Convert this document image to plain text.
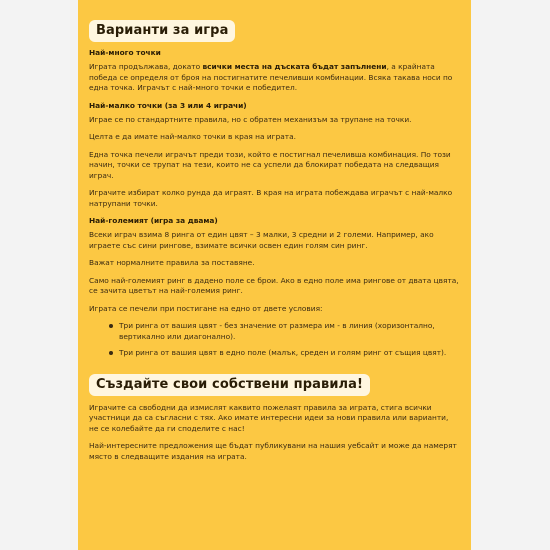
Варианти за игра
Най-много точки

Играта продължава, докато всички места на дъската бъдат запълнени, а крайната победа се определя от броя на постигнатите печеливши комбинации. Всяка такава носи по една точка. Играчът с най-много точки е победител.

Най-малко точки (за 3 или 4 играчи)

Играе се по стандартните правила, но с обратен механизъм за трупане на точки.

Целта е да имате най-малко точки в края на играта.

Една точка печели играчът преди този, който е постигнал печеливша комбинация. По този начин, точки се трупат на тези, които не са успели да блокират победата на следващия играч.

Играчите избират колко рунда да играят. В края на играта побеждава играчът с най-малко натрупани точки.

Най-големият (игра за двама)

Всеки играч взима 8 ринга от един цвят – 3 малки, 3 средни и 2 големи. Например, ако играете със сини рингове, взимате всички освен един голям син ринг.

Важат нормалните правила за поставяне.

Само най-големият ринг в дадено поле се брои. Ако в едно поле има рингове от двата цвята, се зачита цветът на най-големия ринг.

Играта се печели при постигане на едно от двете условия:

Три ринга от вашия цвят - без значение от размера им - в линия (хоризонтално, вертикално или диагонално).
Три ринга от вашия цвят в едно поле (малък, среден и голям ринг от същия цвят).
Създайте свои собствени правила!

Играчите са свободни да измислят каквито пожелаят правила за играта, стига всички участници да са съгласни с тях. Ако имате интересни идеи за нови правила или варианти, не се колебайте да ги споделите с нас!

Най-интересните предложения ще бъдат публикувани на нашия уебсайт и може да намерят място в следващите издания на играта.
